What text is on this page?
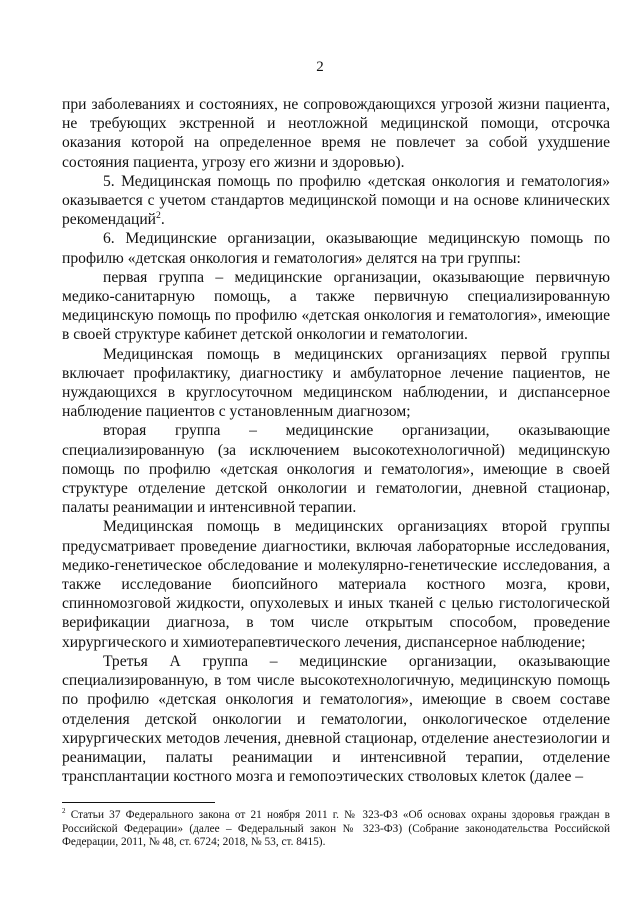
2

при заболеваниях и состояниях, не сопровождающихся угрозой жизни пациента, не требующих экстренной и неотложной медицинской помощи, отсрочка оказания которой на определенное время не повлечет за собой ухудшение состояния пациента, угрозу его жизни и здоровью).

5. Медицинская помощь по профилю «детская онкология и гематология» оказывается с учетом стандартов медицинской помощи и на основе клинических рекомендаций$^2$.

6. Медицинские организации, оказывающие медицинскую помощь по профилю «детская онкология и гематология» делятся на три группы:

первая группа – медицинские организации, оказывающие первичную медико-санитарную помощь, а также первичную специализированную медицинскую помощь по профилю «детская онкология и гематология», имеющие в своей структуре кабинет детской онкологии и гематологии.

Медицинская помощь в медицинских организациях первой группы включает профилактику, диагностику и амбулаторное лечение пациентов, не нуждающихся в круглосуточном медицинском наблюдении, и диспансерное наблюдение пациентов с установленным диагнозом;

вторая группа – медицинские организации, оказывающие специализированную (за исключением высокотехнологичной) медицинскую помощь по профилю «детская онкология и гематология», имеющие в своей структуре отделение детской онкологии и гематологии, дневной стационар, палаты реанимации и интенсивной терапии.

Медицинская помощь в медицинских организациях второй группы предусматривает проведение диагностики, включая лабораторные исследования, медико-генетическое обследование и молекулярно-генетические исследования, а также исследование биопсийного материала костного мозга, крови, спинномозговой жидкости, опухолевых и иных тканей с целью гистологической верификации диагноза, в том числе открытым способом, проведение хирургического и химиотерапевтического лечения, диспансерное наблюдение;

Третья А группа – медицинские организации, оказывающие специализированную, в том числе высокотехнологичную, медицинскую помощь по профилю «детская онкология и гематология», имеющие в своем составе отделения детской онкологии и гематологии, онкологическое отделение хирургических методов лечения, дневной стационар, отделение анестезиологии и реанимации, палаты реанимации и интенсивной терапии, отделение трансплантации костного мозга и гемопоэтических стволовых клеток (далее –

$^2$ Статьи 37 Федерального закона от 21 ноября 2011 г. № 323-ФЗ «Об основах охраны здоровья граждан в Российской Федерации» (далее – Федеральный закон № 323-ФЗ) (Собрание законодательства Российской Федерации, 2011, № 48, ст. 6724; 2018, № 53, ст. 8415).
